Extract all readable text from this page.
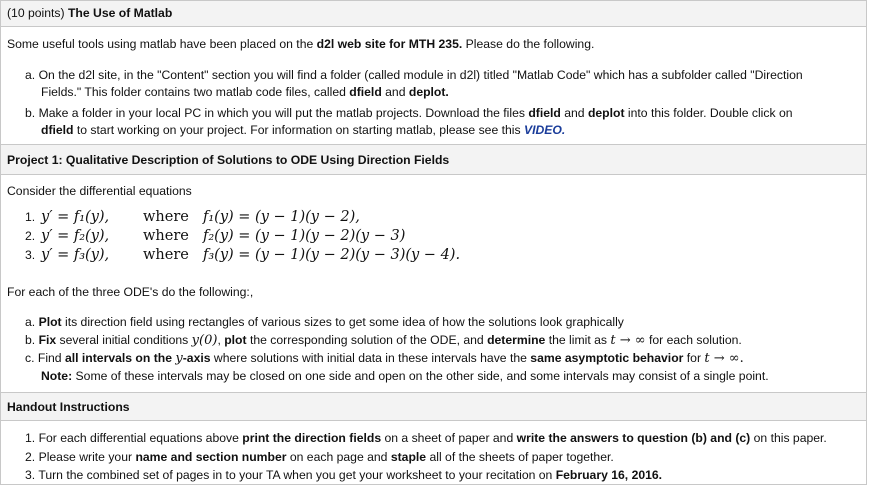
(10 points) The Use of Matlab
Some useful tools using matlab have been placed on the d2l web site for MTH 235. Please do the following.
a. On the d2l site, in the "Content" section you will find a folder (called module in d2l) titled "Matlab Code" which has a subfolder called "Direction
Fields." This folder contains two matlab code files, called dfield and deplot.
b. Make a folder in your local PC in which you will put the matlab projects. Download the files dfield and deplot into this folder. Double click on
dfield to start working on your project. For information on starting matlab, please see this VIDEO.
Project 1: Qualitative Description of Solutions to ODE Using Direction Fields
Consider the differential equations
1. y′ = f₁(y), where f₁(y) = (y − 1)(y − 2),
2. y′ = f₂(y), where f₂(y) = (y − 1)(y − 2)(y − 3)
3. y′ = f₃(y), where f₃(y) = (y − 1)(y − 2)(y − 3)(y − 4).
For each of the three ODE's do the following:,
a. Plot its direction field using rectangles of various sizes to get some idea of how the solutions look graphically
b. Fix several initial conditions y(0), plot the corresponding solution of the ODE, and determine the limit as t → ∞ for each solution.
c. Find all intervals on the y-axis where solutions with initial data in these intervals have the same asymptotic behavior for t → ∞.
Note: Some of these intervals may be closed on one side and open on the other side, and some intervals may consist of a single point.
Handout Instructions
1. For each differential equations above print the direction fields on a sheet of paper and write the answers to question (b) and (c) on this paper.
2. Please write your name and section number on each page and staple all of the sheets of paper together.
3. Turn the combined set of pages in to your TA when you get your worksheet to your recitation on February 16, 2016.
